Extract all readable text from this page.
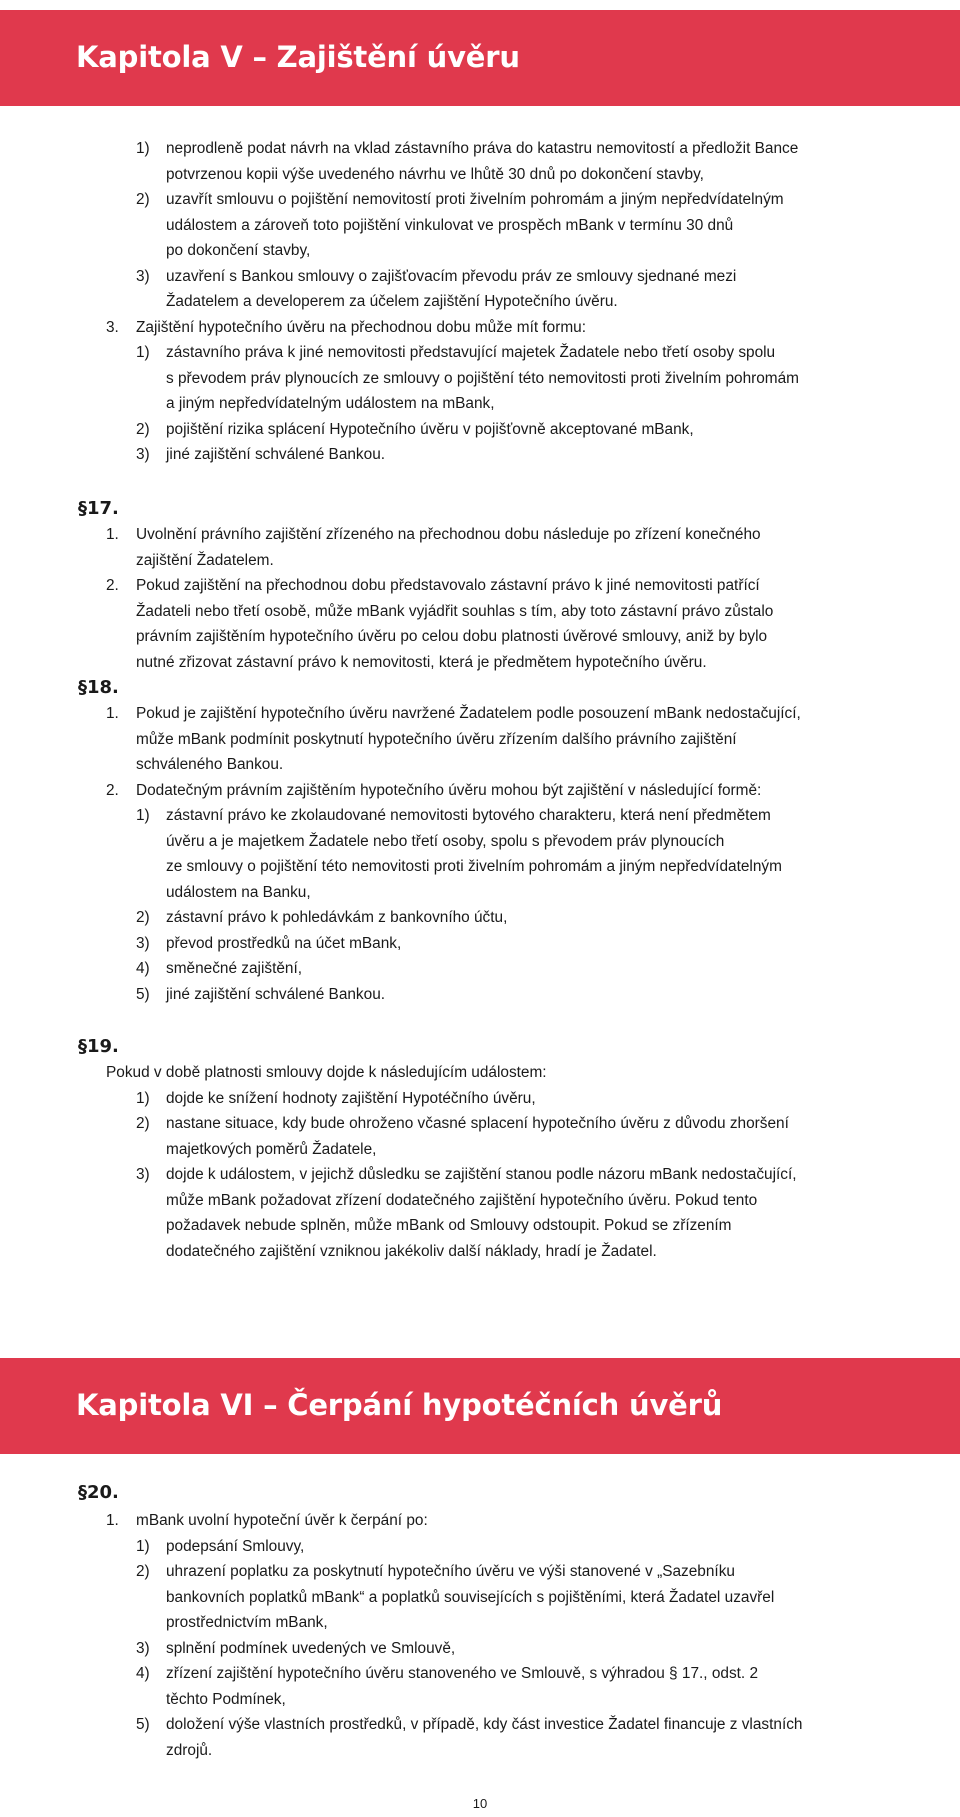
Kapitola V – Zajištění úvěru
1) neprodleně podat návrh na vklad zástavního práva do katastru nemovitostí a předložit Bance
potvrzenou kopii výše uvedeného návrhu ve lhůtě 30 dnů po dokončení stavby,
2) uzavřít smlouvu o pojištění nemovitostí proti živelním pohromám a jiným nepředvídatelným
událostem a zároveň toto pojištění vinkulovat ve prospěch mBank v termínu 30 dnů
po dokončení stavby,
3) uzavření s Bankou smlouvy o zajišťovacím převodu práv ze smlouvy sjednané mezi
Žadatelem a developerem za účelem zajištění Hypotečního úvěru.
3. Zajištění hypotečního úvěru na přechodnou dobu může mít formu:
1) zástavního práva k jiné nemovitosti představující majetek Žadatele nebo třetí osoby spolu
s převodem práv plynoucích ze smlouvy o pojištění této nemovitosti proti živelním pohromám
a jiným nepředvídatelným událostem na mBank,
2) pojištění rizika splácení Hypotečního úvěru v pojišťovně akceptované mBank,
3) jiné zajištění schválené Bankou.
§17.
1. Uvolnění právního zajištění zřízeného na přechodnou dobu následuje po zřízení konečného
zajištění Žadatelem.
2. Pokud zajištění na přechodnou dobu představovalo zástavní právo k jiné nemovitosti patřící
Žadateli nebo třetí osobě, může mBank vyjádřit souhlas s tím, aby toto zástavní právo zůstalo
právním zajištěním hypotečního úvěru po celou dobu platnosti úvěrové smlouvy, aniž by bylo
nutné zřizovat zástavní právo k nemovitosti, která je předmětem hypotečního úvěru.
§18.
1. Pokud je zajištění hypotečního úvěru navržené Žadatelem podle posouzení mBank nedostačující,
může mBank podmínit poskytnutí hypotečního úvěru zřízením dalšího právního zajištění
schváleného Bankou.
2. Dodatečným právním zajištěním hypotečního úvěru mohou být zajištění v následující formě:
1) zástavní právo ke zkolaudované nemovitosti bytového charakteru, která není předmětem
úvěru a je majetkem Žadatele nebo třetí osoby, spolu s převodem práv plynoucích
ze smlouvy o pojištění této nemovitosti proti živelním pohromám a jiným nepředvídatelným
událostem na Banku,
2) zástavní právo k pohledávkám z bankovního účtu,
3) převod prostředků na účet mBank,
4) směnečné zajištění,
5) jiné zajištění schválené Bankou.
§19.
Pokud v době platnosti smlouvy dojde k následujícím událostem:
1) dojde ke snížení hodnoty zajištění Hypotéčního úvěru,
2) nastane situace, kdy bude ohroženo včasné splacení hypotečního úvěru z důvodu zhoršení
majetkových poměrů Žadatele,
3) dojde k událostem, v jejichž důsledku se zajištění stanou podle názoru mBank nedostačující,
může mBank požadovat zřízení dodatečného zajištění hypotečního úvěru. Pokud tento
požadavek nebude splněn, může mBank od Smlouvy odstoupit. Pokud se zřízením
dodatečného zajištění vzniknou jakékoliv další náklady, hradí je Žadatel.
Kapitola VI – Čerpání hypotéčních úvěrů
§20.
1. mBank uvolní hypoteční úvěr k čerpání po:
1) podepsání Smlouvy,
2) uhrazení poplatku za poskytnutí hypotečního úvěru ve výši stanovené v „Sazebníku
bankovních poplatků mBank“ a poplatků souvisejících s pojištěními, která Žadatel uzavřel
prostřednictvím mBank,
3) splnění podmínek uvedených ve Smlouvě,
4) zřízení zajištění hypotečního úvěru stanoveného ve Smlouvě, s výhradou § 17., odst. 2
těchto Podmínek,
5) doložení výše vlastních prostředků, v případě, kdy část investice Žadatel financuje z vlastních
zdrojů.
10
